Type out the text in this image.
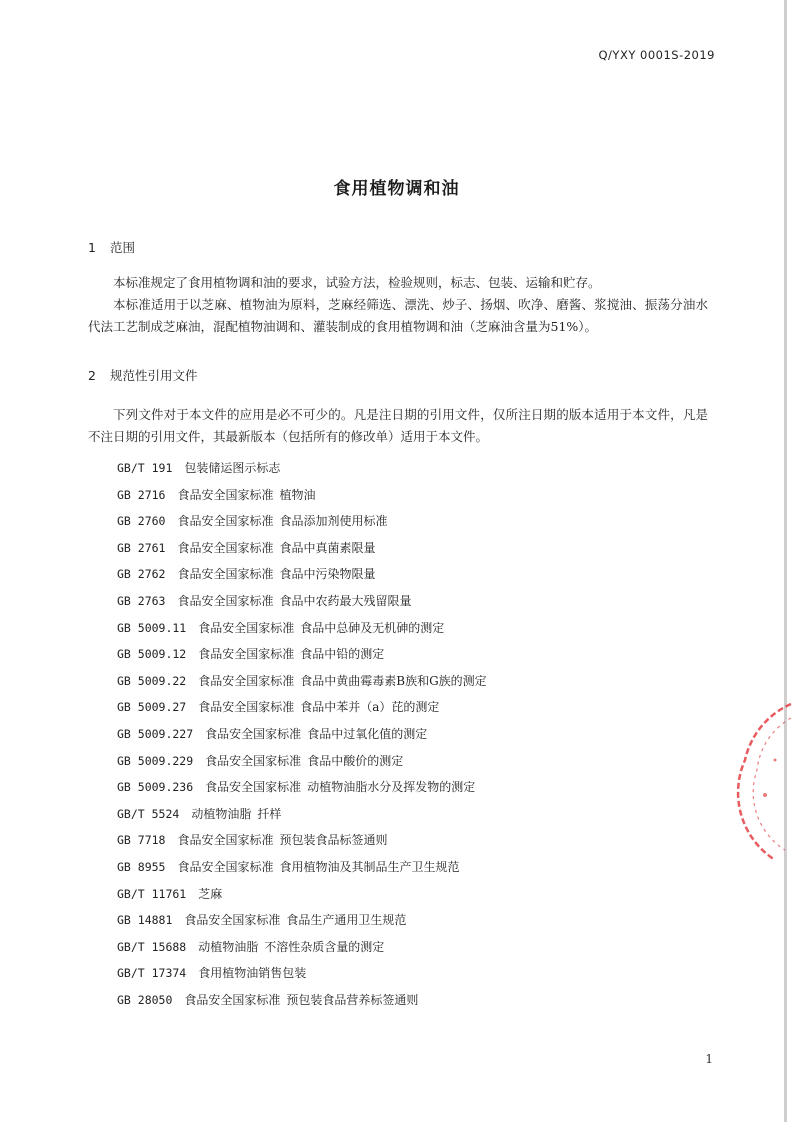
Q/YXY 0001S-2019
食用植物调和油
1 范围
本标准规定了食用植物调和油的要求，试验方法，检验规则，标志、包装、运输和贮存。
本标准适用于以芝麻、植物油为原料，芝麻经筛选、漂洗、炒子、扬烟、吹净、磨酱、浆搅油、振荡分油水代法工艺制成芝麻油，混配植物油调和、灌装制成的食用植物调和油（芝麻油含量为51%）。
2 规范性引用文件
下列文件对于本文件的应用是必不可少的。凡是注日期的引用文件，仅所注日期的版本适用于本文件，凡是不注日期的引用文件，其最新版本（包括所有的修改单）适用于本文件。
GB/T 191 包装储运图示标志
GB 2716 食品安全国家标准 植物油
GB 2760 食品安全国家标准 食品添加剂使用标准
GB 2761 食品安全国家标准 食品中真菌素限量
GB 2762 食品安全国家标准 食品中污染物限量
GB 2763 食品安全国家标准 食品中农药最大残留限量
GB 5009.11 食品安全国家标准 食品中总砷及无机砷的测定
GB 5009.12 食品安全国家标准 食品中铅的测定
GB 5009.22 食品安全国家标准 食品中黄曲霉毒素B族和G族的测定
GB 5009.27 食品安全国家标准 食品中苯并（a）芘的测定
GB 5009.227 食品安全国家标准 食品中过氧化值的测定
GB 5009.229 食品安全国家标准 食品中酸价的测定
GB 5009.236 食品安全国家标准 动植物油脂水分及挥发物的测定
GB/T 5524 动植物油脂 扦样
GB 7718 食品安全国家标准 预包装食品标签通则
GB 8955 食品安全国家标准 食用植物油及其制品生产卫生规范
GB/T 11761 芝麻
GB 14881 食品安全国家标准 食品生产通用卫生规范
GB/T 15688 动植物油脂 不溶性杂质含量的测定
GB/T 17374 食用植物油销售包装
GB 28050 食品安全国家标准 预包装食品营养标签通则
1
